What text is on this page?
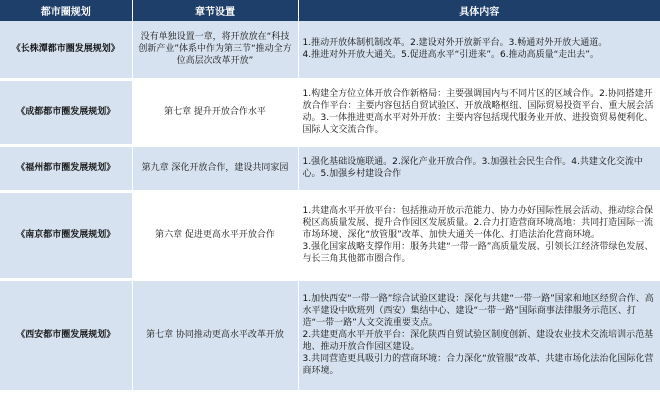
都市圈规划	章节设置	具体内容
《长株潭都市圈发展规划》	没有单独设置一章，将开放放在“科技创新产业”体系中作为第三节“推动全方位高层次改革开放”	1.推动开放体制机制改革。2.建设对外开放新平台。3.畅通对外开放大通道。
4.推进对外开放大通关。5.促进高水平“引进来”。6.推动高质量“走出去”。

《成都都市圈发展规划》	第七章 提升开放合作水平	1.构建全方位立体开放合作新格局：主要强调国内与不同片区的区域合作。2.协同搭建开放合作平台：主要内容包括自贸试验区、开放战略枢纽、国际贸易投资平台、重大展会活动。3.一体推进更高水平对外开放：主要内容包括现代服务业开放、进投资贸易便利化、国际人文交流合作。

《福州都市圈发展规划》	第九章 深化开放合作，建设共同家园	1.强化基础设施联通。2.深化产业开放合作。3.加强社会民生合作。4.共建文化交流中心。5.加强乡村建设合作

《南京都市圈发展规划》	第六章 促进更高水平开放合作	1.共建高水平开放平台：包括推动开放示范能力、协力办好国际性展会活动、推动综合保税区高质量发展、提升合作园区发展质量。2.合力打造营商环境高地：共同打造国际一流市场环境、深化“放管服”改革、加快大通关一体化、打造法治化营商环境。
3.强化国家战略支撑作用：服务共建“一带一路”高质量发展、引领长江经济带绿色发展、与长三角其他都市圈合作。

《西安都市圈发展规划》	第七章 协同推动更高水平改革开放	1.加快西安“一带一路”综合试验区建设：深化与共建“一带一路”国家和地区经贸合作、高水平建设中欧班列（西安）集结中心、建设“一带一路”国际商事法律服务示范区、打造“一带一路”人文交流重要支点。
2.共建更高水平开放平台：深化陕西自贸试验区制度创新、建设农业技术交流培训示范基地、推动开放合作园区建设。
3.共同营造更具吸引力的营商环境：合力深化“放管服”改革、共建市场化法治化国际化营商环境。
